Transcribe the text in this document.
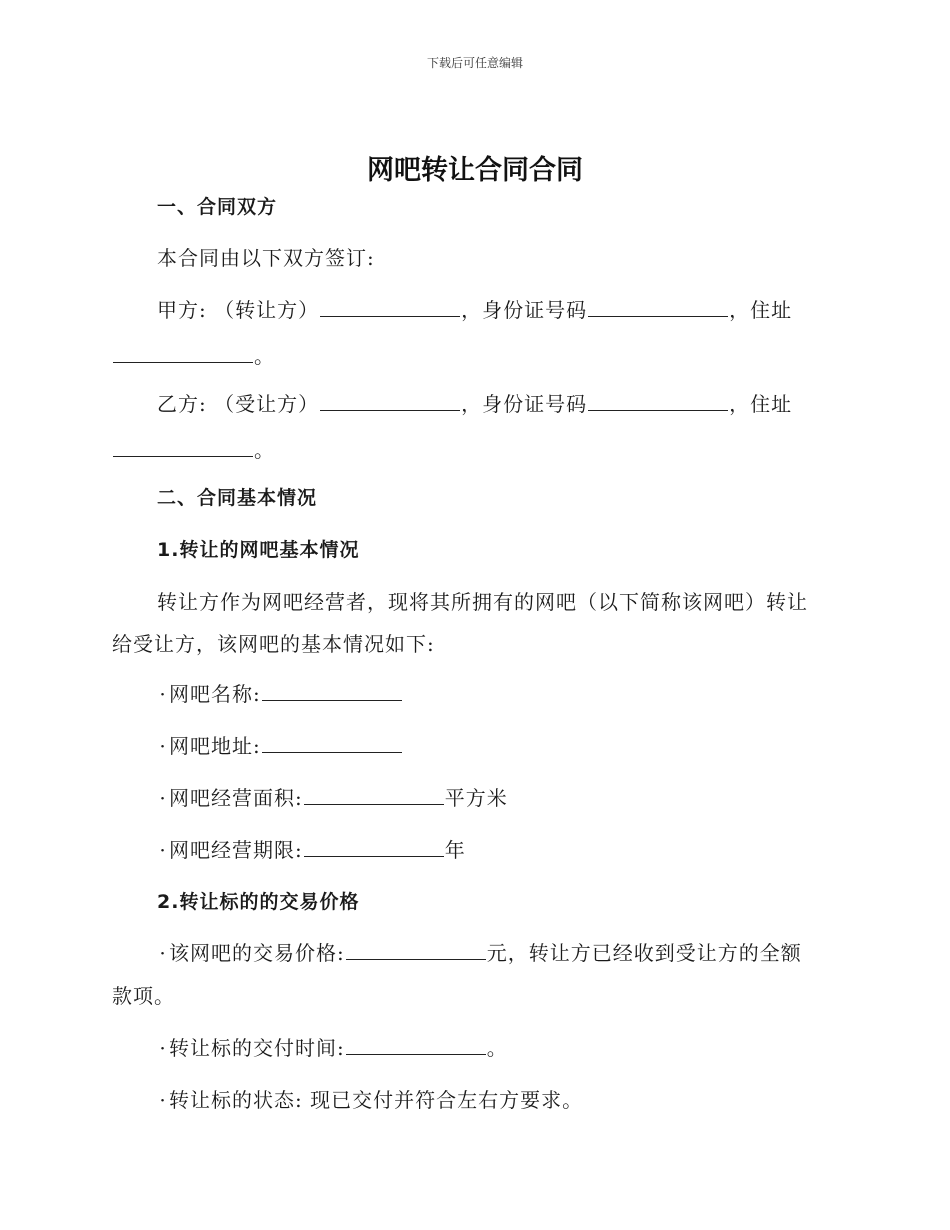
下载后可任意编辑
网吧转让合同合同
一、合同双方
本合同由以下双方签订:
甲方: （转让方）	，身份证号码	，住址
。
乙方: （受让方）	，身份证号码	，住址
。
二、合同基本情况
1.转让的网吧基本情况
转让方作为网吧经营者，现将其所拥有的网吧（以下简称该网吧）转让
给受让方，该网吧的基本情况如下:
· 网吧名称:
· 网吧地址:
· 网吧经营面积:	平方米
· 网吧经营期限:	年
2.转让标的的交易价格
· 该网吧的交易价格:	元，转让方已经收到受让方的全额
款项。
· 转让标的交付时间:	。
· 转让标的状态: 现已交付并符合左右方要求。
